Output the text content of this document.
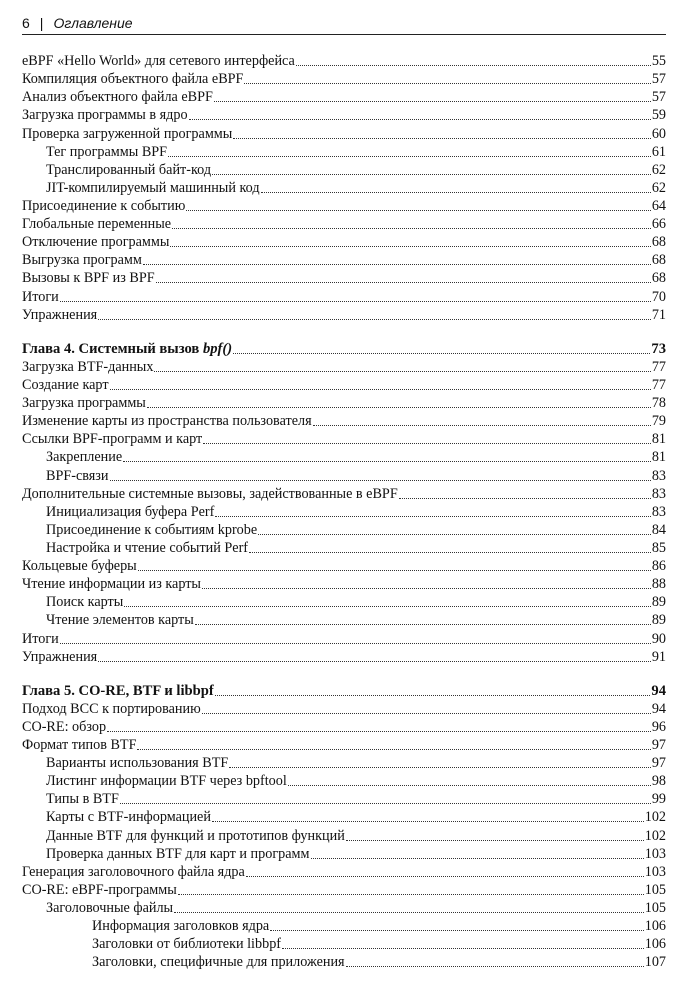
6 | Оглавление
eBPF «Hello World» для сетевого интерфейса	55
Компиляция объектного файла eBPF	57
Анализ объектного файла eBPF	57
Загрузка программы в ядро	59
Проверка загруженной программы	60
Тег программы BPF	61
Транслированный байт-код	62
JIT-компилируемый машинный код	62
Присоединение к событию	64
Глобальные переменные	66
Отключение программы	68
Выгрузка программ	68
Вызовы к BPF из BPF	68
Итоги	70
Упражнения	71
Глава 4. Системный вызов bpf()	73
Загрузка BTF-данных	77
Создание карт	77
Загрузка программы	78
Изменение карты из пространства пользователя	79
Ссылки BPF-программ и карт	81
Закрепление	81
BPF-связи	83
Дополнительные системные вызовы, задействованные в eBPF	83
Инициализация буфера Perf	83
Присоединение к событиям kprobe	84
Настройка и чтение событий Perf	85
Кольцевые буферы	86
Чтение информации из карты	88
Поиск карты	89
Чтение элементов карты	89
Итоги	90
Упражнения	91
Глава 5. CO-RE, BTF и libbpf	94
Подход BCC к портированию	94
CO-RE: обзор	96
Формат типов BTF	97
Варианты использования BTF	97
Листинг информации BTF через bpftool	98
Типы в BTF	99
Карты с BTF-информацией	102
Данные BTF для функций и прототипов функций	102
Проверка данных BTF для карт и программ	103
Генерация заголовочного файла ядра	103
CO-RE: eBPF-программы	105
Заголовочные файлы	105
Информация заголовков ядра	106
Заголовки от библиотеки libbpf	106
Заголовки, специфичные для приложения	107
